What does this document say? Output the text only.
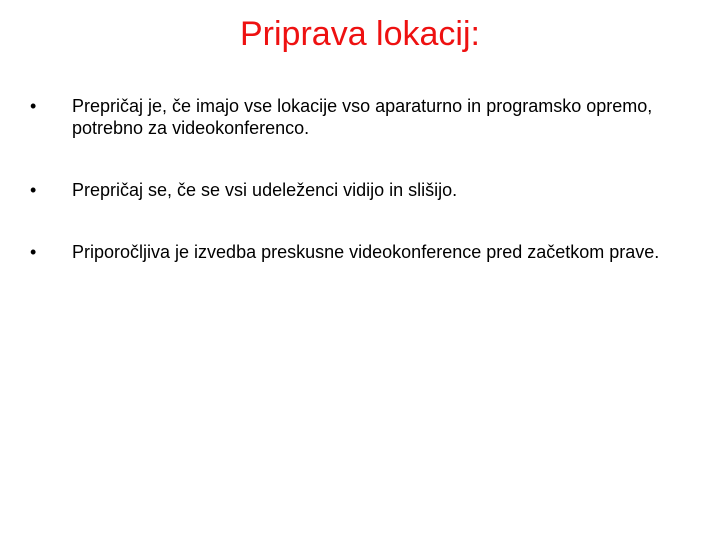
Priprava lokacij:
•	Prepričaj je, če imajo vse lokacije vso aparaturno in programsko opremo, potrebno za videokonferenco.
•	Prepričaj se, če se vsi udeleženci vidijo in slišijo.
•	Priporočljiva je izvedba preskusne videokonference pred začetkom prave.
